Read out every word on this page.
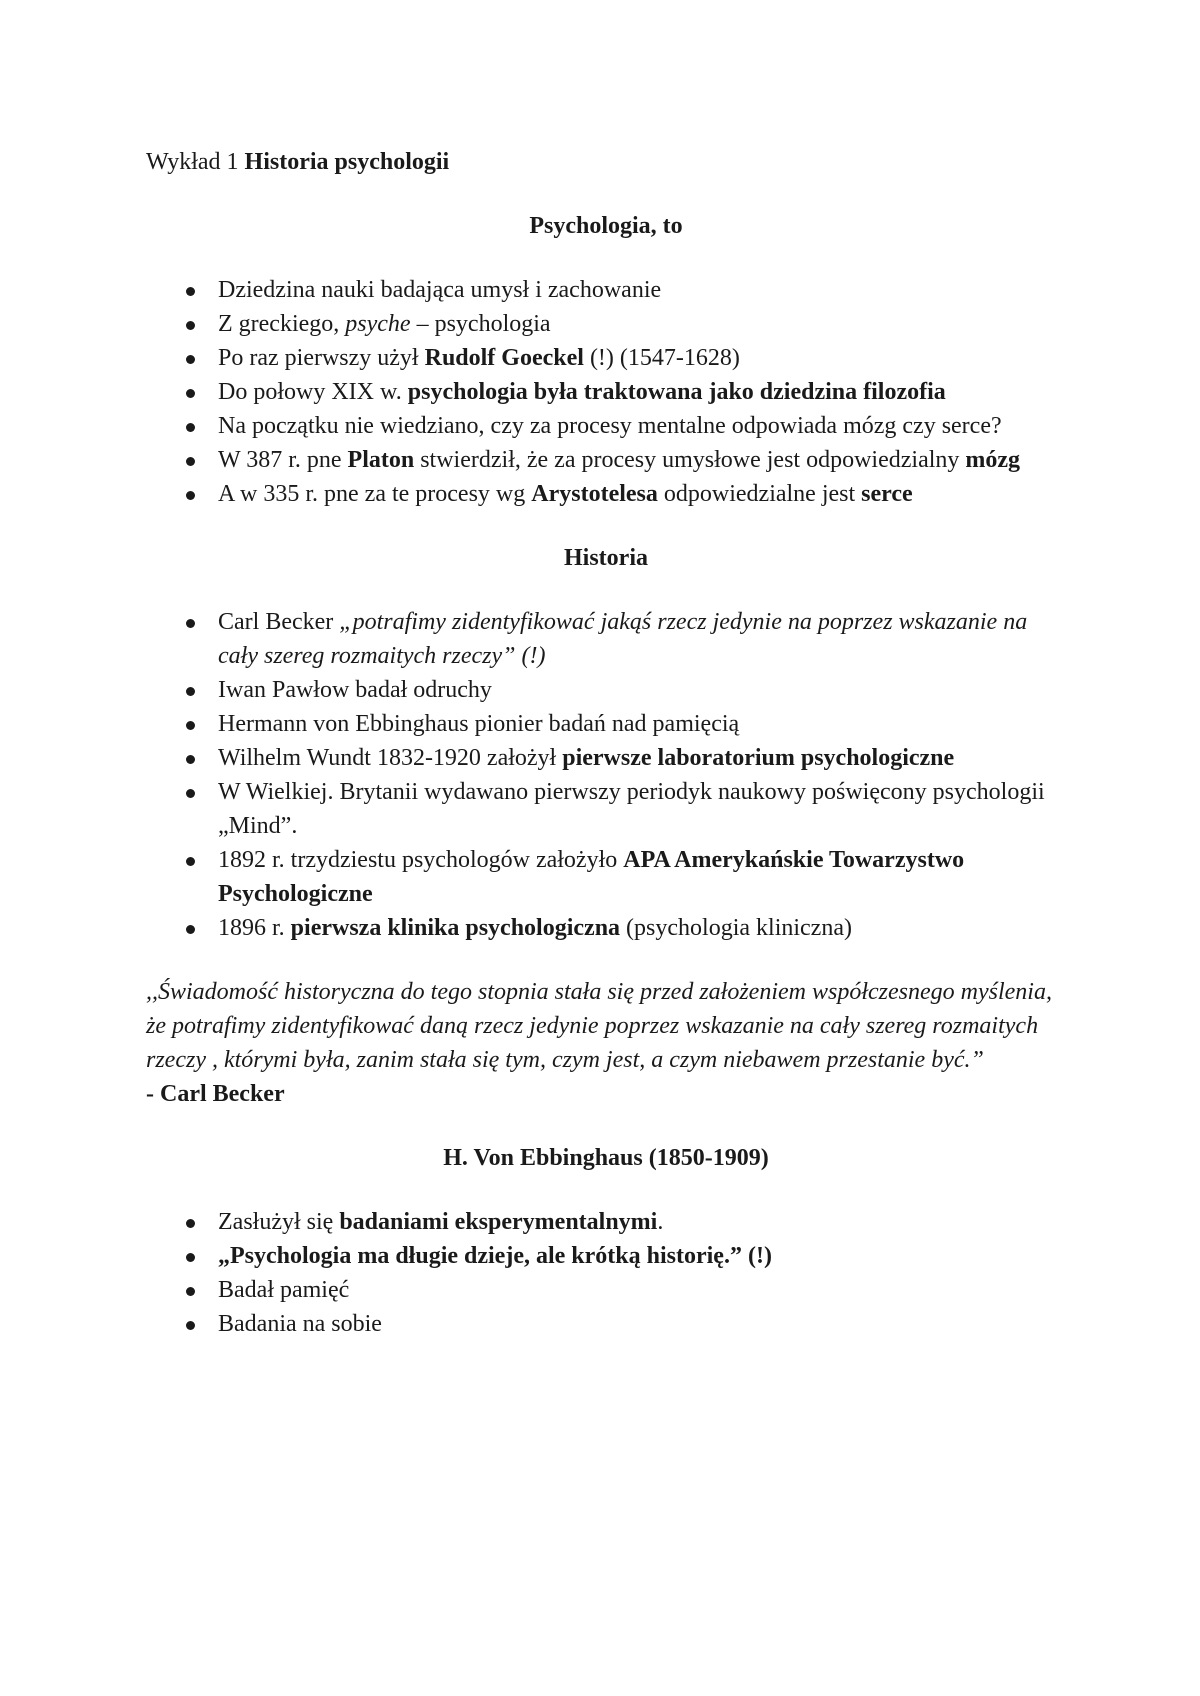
Wykład 1 Historia psychologii
Psychologia, to
Dziedzina nauki badająca umysł i zachowanie
Z greckiego, psyche – psychologia
Po raz pierwszy użył Rudolf Goeckel (!) (1547-1628)
Do połowy XIX w. psychologia była traktowana jako dziedzina filozofia
Na początku nie wiedziano, czy za procesy mentalne odpowiada mózg czy serce?
W 387 r. pne Platon stwierdził, że za procesy umysłowe jest odpowiedzialny mózg
A w 335 r. pne za te procesy wg Arystotelesa odpowiedzialne jest serce
Historia
Carl Becker „potrafimy zidentyfikować jakąś rzecz jedynie na poprzez wskazanie na cały szereg rozmaitych rzeczy” (!)
Iwan Pawłow badał odruchy
Hermann von Ebbinghaus pionier badań nad pamięcią
Wilhelm Wundt 1832-1920 założył pierwsze laboratorium psychologiczne
W Wielkiej. Brytanii wydawano pierwszy periodyk naukowy poświęcony psychologii „Mind”.
1892 r. trzydziestu psychologów założyło APA Amerykańskie Towarzystwo Psychologiczne
1896 r. pierwsza klinika psychologiczna (psychologia kliniczna)
,,Świadomość historyczna do tego stopnia stała się przed założeniem współczesnego myślenia, że potrafimy zidentyfikować daną rzecz jedynie poprzez wskazanie na cały szereg rozmaitych rzeczy , którymi była, zanim stała się tym, czym jest, a czym niebawem przestanie być.”
- Carl Becker
H. Von Ebbinghaus (1850-1909)
Zasłużył się badaniami eksperymentalnymi.
„Psychologia ma długie dzieje, ale krótką historię.” (!)
Badał pamięć
Badania na sobie
